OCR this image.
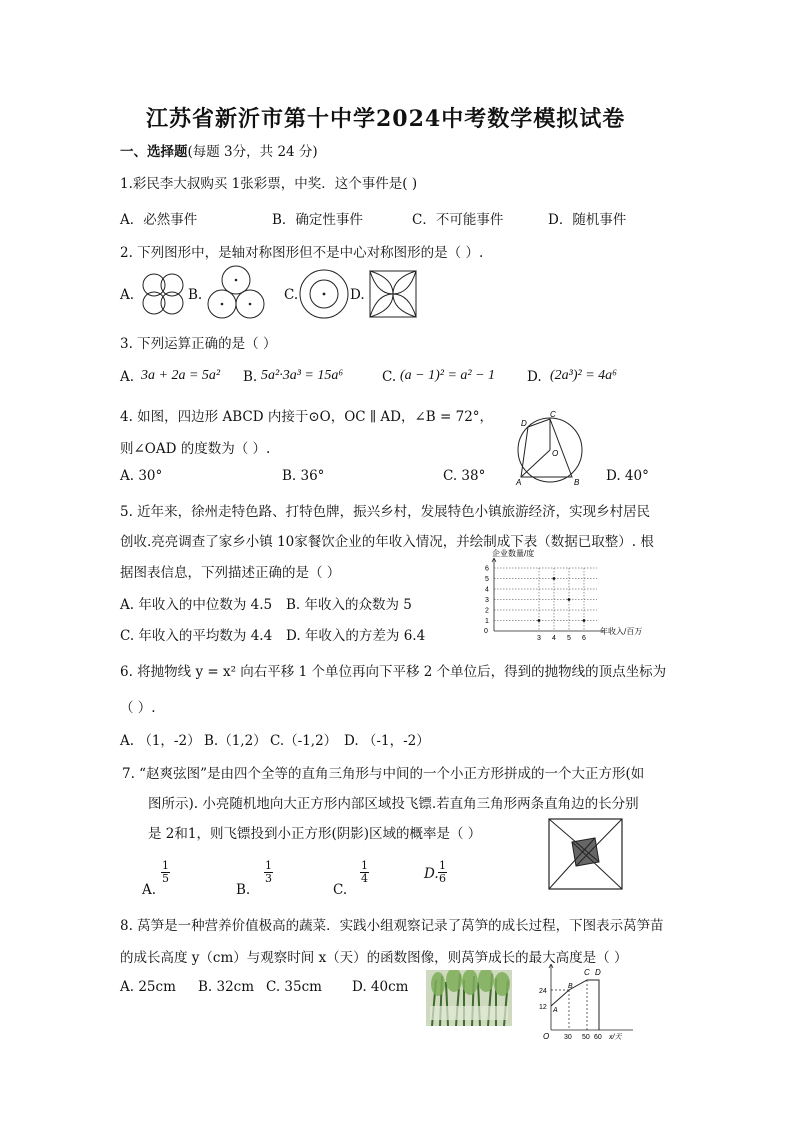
江苏省新沂市第十中学2024中考数学模拟试卷
一、选择题(每题 3分，共 24 分)
1.彩民李大叔购买 1张彩票，中奖．这个事件是( )
A．必然事件	B．确定性事件	C．不可能事件	D．随机事件
2. 下列图形中，是轴对称图形但不是中心对称图形的是（ ）.
A.	B.	C.	D.
3. 下列运算正确的是（ ）
A. 3a + 2a = 5a² B. 5a²·3a³ = 15a⁶	C. (a − 1)² = a² − 1 D. (2a³)² = 4a⁶
4. 如图，四边形 ABCD 内接于⊙O，OC ∥ AD，∠B = 72°，
则∠OAD 的度数为（ ）.
D
C
O
A	B
A. 30°	B. 36°	C. 38°	D. 40°
5. 近年来，徐州走特色路、打特色牌，振兴乡村，发展特色小镇旅游经济，实现乡村居民
创收.亮亮调查了家乡小镇 10家餐饮企业的年收入情况，并绘制成下表（数据已取整）. 根
据图表信息，下列描述正确的是（ ）
A. 年收入的中位数为 4.5 B. 年收入的众数为 5
C. 年收入的平均数为 4.4 D. 年收入的方差为 6.4
企业数量/度
年收入/百万
0
1
2
3
4
5
6
3 4 5 6
6. 将抛物线 y = x² 向右平移 1 个单位再向下平移 2 个单位后，得到的抛物线的顶点坐标为
（ ）.
A. （1，-2） B.（1,2） C.（-1,2） D. （-1，-2）
7. “赵爽弦图”是由四个全等的直角三角形与中间的一个小正方形拼成的一个大正方形(如
图所示). 小亮随机地向大正方形内部区域投飞镖.若直角三角形两条直角边的长分别
是 2和1，则飞镖投到小正方形(阴影)区域的概率是（ ）
A.
$\frac{1}{5}$
B.
$\frac{1}{3}$
C.
$\frac{1}{4}$	D. $\frac{1}{6}$
8. 莴笋是一种营养价值极高的蔬菜．实践小组观察记录了莴笋的成长过程，下图表示莴笋苗
的成长高度 y（cm）与观察时间 x（天）的函数图像，则莴笋成长的最大高度是（ ）
A. 25cm B. 32cm C. 35cm D. 40cm	24
12
30 50 60
C D
B
A
O	x/天
